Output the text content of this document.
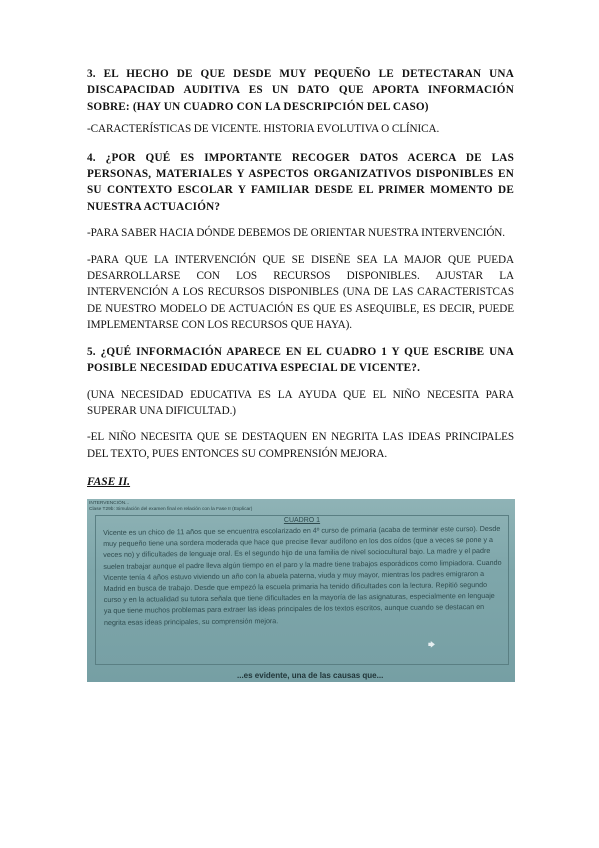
3. EL HECHO DE QUE DESDE MUY PEQUEÑO LE DETECTARAN UNA DISCAPACIDAD AUDITIVA ES UN DATO QUE APORTA INFORMACIÓN SOBRE: (HAY UN CUADRO CON LA DESCRIPCIÓN DEL CASO)

-CARACTERÍSTICAS DE VICENTE. HISTORIA EVOLUTIVA O CLÍNICA.

4. ¿POR QUÉ ES IMPORTANTE RECOGER DATOS ACERCA DE LAS PERSONAS, MATERIALES Y ASPECTOS ORGANIZATIVOS DISPONIBLES EN SU CONTEXTO ESCOLAR Y FAMILIAR DESDE EL PRIMER MOMENTO DE NUESTRA ACTUACIÓN?

-PARA SABER HACIA DÓNDE DEBEMOS DE ORIENTAR NUESTRA INTERVENCIÓN.

-PARA QUE LA INTERVENCIÓN QUE SE DISEÑE SEA LA MAJOR QUE PUEDA DESARROLLARSE CON LOS RECURSOS DISPONIBLES. AJUSTAR LA INTERVENCIÓN A LOS RECURSOS DISPONIBLES (UNA DE LAS CARACTERISTCAS DE NUESTRO MODELO DE ACTUACIÓN ES QUE ES ASEQUIBLE, ES DECIR, PUEDE IMPLEMENTARSE CON LOS RECURSOS QUE HAYA).

5. ¿QUÉ INFORMACIÓN APARECE EN EL CUADRO 1 Y QUE ESCRIBE UNA POSIBLE NECESIDAD EDUCATIVA ESPECIAL DE VICENTE?.

(UNA NECESIDAD EDUCATIVA ES LA AYUDA QUE EL NIÑO NECESITA PARA SUPERAR UNA DIFICULTAD.)

-EL NIÑO NECESITA QUE SE DESTAQUEN EN NEGRITA LAS IDEAS PRINCIPALES DEL TEXTO, PUES ENTONCES SU COMPRENSIÓN MEJORA.

FASE II.

INTERVENCIÓN...
Clase T29b: Simulación del examen final en relación con la Fase II (Explicar)
CUADRO 1
Vicente es un chico de 11 años que se encuentra escolarizado en 4º curso de primaria (acaba de terminar este curso). Desde muy pequeño tiene una sordera moderada que hace que precise llevar audífono en los dos oídos (que a veces se pone y a veces no) y dificultades de lenguaje oral. Es el segundo hijo de una familia de nivel sociocultural bajo. La madre y el padre suelen trabajar aunque el padre lleva algún tiempo en el paro y la madre tiene trabajos esporádicos como limpiadora. Cuando Vicente tenía 4 años estuvo viviendo un año con la abuela paterna, viuda y muy mayor, mientras los padres emigraron a Madrid en busca de trabajo. Desde que empezó la escuela primaria ha tenido dificultades con la lectura. Repitió segundo curso y en la actualidad su tutora señala que tiene dificultades en la mayoría de las asignaturas, especialmente en lenguaje ya que tiene muchos problemas para extraer las ideas principales de los textos escritos, aunque cuando se destacan en negrita esas ideas principales, su comprensión mejora.
🡆
...es evidente, una de las causas que...
